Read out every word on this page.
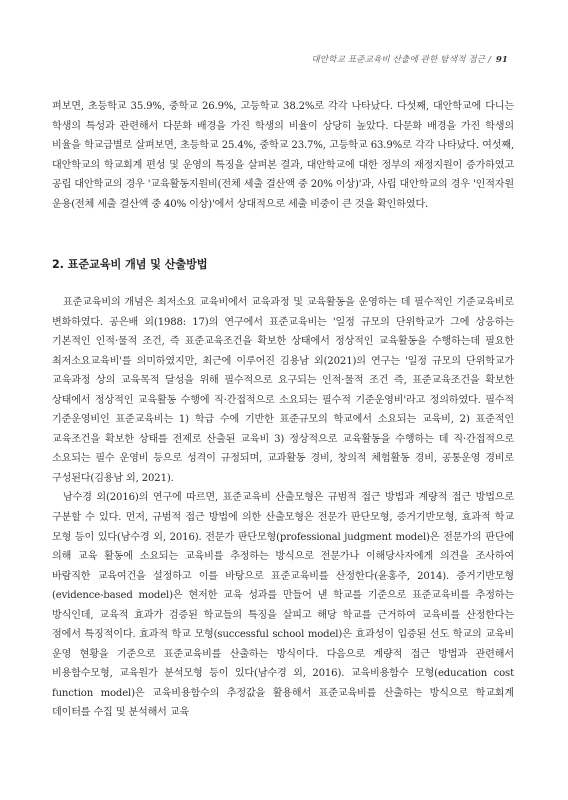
대안학교 표준교육비 산출에 관한 탐색적 접근 / 91

펴보면, 초등학교 35.9%, 중학교 26.9%, 고등학교 38.2%로 각각 나타났다. 다섯째, 대안학교에 다니는 학생의 특성과 관련해서 다문화 배경을 가진 학생의 비율이 상당히 높았다. 다문화 배경을 가진 학생의 비율을 학교급별로 살펴보면, 초등학교 25.4%, 중학교 23.7%, 고등학교 63.9%로 각각 나타났다. 여섯째, 대안학교의 학교회계 편성 및 운영의 특징을 살펴본 결과, 대안학교에 대한 정부의 재정지원이 증가하였고 공립 대안학교의 경우 '교육활동지원비(전체 세출 결산액 중 20% 이상)'과, 사립 대안학교의 경우 '인적자원 운용(전체 세출 결산액 중 40% 이상)'에서 상대적으로 세출 비중이 큰 것을 확인하였다.

2. 표준교육비 개념 및 산출방법

표준교육비의 개념은 최저소요 교육비에서 교육과정 및 교육활동을 운영하는 데 필수적인 기준교육비로 변화하였다. 공은배 외(1988: 17)의 연구에서 표준교육비는 '일정 규모의 단위학교가 그에 상응하는 기본적인 인적·물적 조건, 즉 표준교육조건을 확보한 상태에서 정상적인 교육활동을 수행하는데 필요한 최저소요교육비'를 의미하였지만, 최근에 이루어진 김용남 외(2021)의 연구는 '일정 규모의 단위학교가 교육과정 상의 교육목적 달성을 위해 필수적으로 요구되는 인적·물적 조건 즉, 표준교육조건을 확보한 상태에서 정상적인 교육활동 수행에 직·간접적으로 소요되는 필수적 기준운영비'라고 정의하였다. 필수적 기준운영비인 표준교육비는 1) 학급 수에 기반한 표준규모의 학교에서 소요되는 교육비, 2) 표준적인 교육조건을 확보한 상태를 전제로 산출된 교육비 3) 정상적으로 교육활동을 수행하는 데 직·간접적으로 소요되는 필수 운영비 등으로 성격이 규정되며, 교과활동 경비, 창의적 체험활동 경비, 공통운영 경비로 구성된다(김용남 외, 2021).

남수경 외(2016)의 연구에 따르면, 표준교육비 산출모형은 규범적 접근 방법과 계량적 접근 방법으로 구분할 수 있다. 먼저, 규범적 접근 방법에 의한 산출모형은 전문가 판단모형, 증거기반모형, 효과적 학교 모형 등이 있다(남수경 외, 2016). 전문가 판단모형(professional judgment model)은 전문가의 판단에 의해 교육 활동에 소요되는 교육비를 추정하는 방식으로 전문가나 이해당사자에게 의견을 조사하여 바람직한 교육여건을 설정하고 이를 바탕으로 표준교육비를 산정한다(윤홍주, 2014). 증거기반모형(evidence-based model)은 현저한 교육 성과를 만들어 낸 학교를 기준으로 표준교육비를 추정하는 방식인데, 교육적 효과가 검증된 학교들의 특징을 살피고 해당 학교를 근거하여 교육비를 산정한다는 점에서 특징적이다. 효과적 학교 모형(successful school model)은 효과성이 입증된 선도 학교의 교육비 운영 현황을 기준으로 표준교육비를 산출하는 방식이다. 다음으로 계량적 접근 방법과 관련해서 비용함수모형, 교육원가 분석모형 등이 있다(남수경 외, 2016). 교육비용함수 모형(education cost function model)은 교육비용함수의 추정값을 활용해서 표준교육비를 산출하는 방식으로 학교회계 데이터를 수집 및 분석해서 교육
